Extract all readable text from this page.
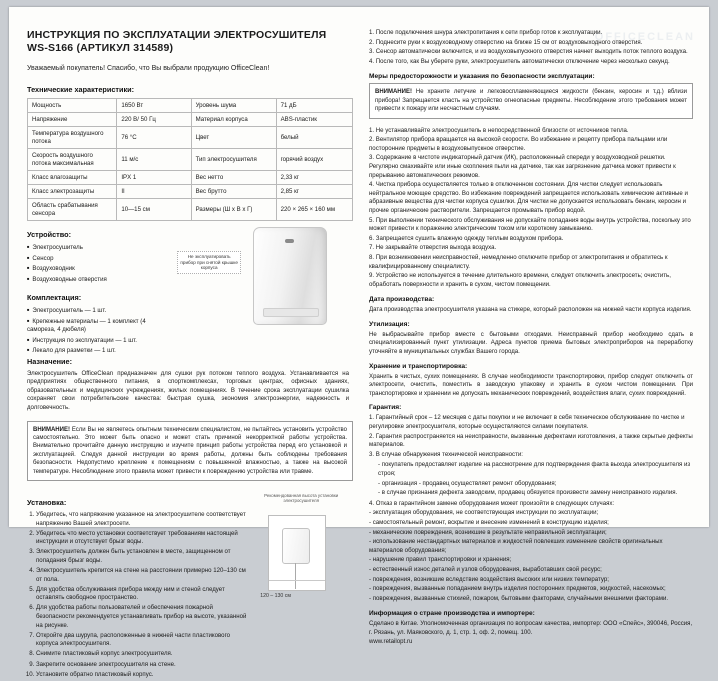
OFFICECLEAN
ИНСТРУКЦИЯ ПО ЭКСПЛУАТАЦИИ ЭЛЕКТРОСУШИТЕЛЯ WS-S166 (АРТИКУЛ 314589)

Уважаемый покупатель! Спасибо, что Вы выбрали продукцию OfficeClean!

Технические характеристики:
Мощность	1650 Вт	Уровень шума	71 дБ
Напряжение	220 В/ 50 Гц	Материал корпуса	ABS-пластик
Температура воздушного потока	76 °C	Цвет	белый
Скорость воздушного потока максимальная	11 м/с	Тип электросушителя	горячий воздух
Класс влагозащиты	IPX 1	Вес нетто	2,33 кг
Класс электрозащиты	II	Вес брутто	2,85 кг
Область срабатывания сенсора	10—15 см	Размеры (Ш х В х Г)	220 × 265 × 160 мм
Устройство:
■ Электросушитель
■ Сенсор
■ Воздуховодник
■ Воздуховодные отверстия
Комплектация:
■ Электросушитель — 1 шт.
■ Крепежные материалы — 1 комплект (4 самореза, 4 дюбеля)
■ Инструкция по эксплуатации — 1 шт.
■ Лекало для разметки — 1 шт.
Не эксплуатировать прибор при снятой крышке корпуса
Назначение:

Электросушитель OfficeClean предназначен для сушки рук потоком теплого воздуха. Устанавливается на предприятиях общественного питания, в спорткомплексах, торговых центрах, офисных зданиях, образовательных и медицинских учреждениях, жилых помещениях. В течение срока эксплуатации сушилка сохраняет свои потребительские качества: быстрая сушка, экономия электроэнергии, надежность и долговечность.

ВНИМАНИЕ! Если Вы не являетесь опытным техническим специалистом, не пытайтесь установить устройство самостоятельно. Это может быть опасно и может стать причиной некорректной работы устройства. Внимательно прочитайте данную инструкцию и изучите принцип работы устройства перед его установкой и эксплуатацией. Следуя данной инструкции во время работы, должны быть соблюдены требования безопасности. Недопустимо крепление к помещениям с повышенной влажностью, а также на высокой температуре. Несоблюдение этого правила может привести к повреждению устройства или травме.
Установка:
1. Убедитесь, что напряжение указанное на электросушителе соответствует напряжению Вашей электросети.
2. Убедитесь что место установки соответствует требованиям настоящей инструкции и отсутствует брызг воды.
3. Электросушитель должен быть установлен в месте, защищенном от попадания брызг воды.
4. Электросушитель крепится на стене на расстоянии примерно 120–130 см от пола.
5. Для удобства обслуживания прибора между ним и стеной следует оставлять свободное пространство.
6. Для удобства работы пользователей и обеспечения пожарной безопасности рекомендуется устанавливать прибор на высоте, указанной на рисунке.
7. Откройте два шурупа, расположенные в нижней части пластикового корпуса электросушителя.
8. Снимите пластиковый корпус электросушителя.
9. Закрепите основание электросушителя на стене.
10. Установите обратно пластиковый корпус.
Рекомендованная высота установки электросушителя
120 – 130 см
1. После подключения шнура электропитания к сети прибор готов к эксплуатации.
2. Поднесите руки к воздуховодному отверстию на ближе 15 см от воздуховыходного отверстия.
3. Сенсор автоматически включится, и из воздуховыпускного отверстия начнет выходить поток теплого воздуха.
4. После того, как Вы уберете руки, электросушитель автоматически отключение через несколько секунд.
Меры предосторожности и указания по безопасности эксплуатации:
ВНИМАНИЕ! Не храните летучие и легковоспламеняющиеся жидкости (бензин, керосин и т.д.) вблизи прибора! Запрещается класть на устройство огнеопасные предметы. Несоблюдение этого требования может привести к пожару или несчастным случаям.
1. Не устанавливайте электросушитель в непосредственной близости от источников тепла.
2. Вентилятор прибора вращается на высокой скорости. Во избежание и рецепту прибора пальцами или посторонние предметы в воздуховыпускное отверстие.
3. Содержание в чистоте индикаторный датчик (ИК), расположенный спереди у воздуховодной решетки. Регулярно смахивайте или иные скопления пыли на датчике, так как загрязнение датчика может привести к прерыванию автоматических режимов.
4. Чистка прибора осуществляется только в отключенном состоянии. Для чистки следует использовать нейтральное моющее средство. Во избежание повреждений запрещается использовать химические активные и абразивные вещества для чистки корпуса сушилки. Для чистки не допускается использовать бензин, керосин и прочие органические растворители. Запрещается промывать прибор водой.
5. При выполнении технического обслуживания не допускайте попадания воды внутрь устройства, поскольку это может привести к поражению электрическим током или короткому замыканию.
6. Запрещается сушить влажную одежду теплым воздухом прибора.
7. Не закрывайте отверстия выхода воздуха.
8. При возникновении неисправностей, немедленно отключите прибор от электропитания и обратитесь к квалифицированному специалисту.
9. Устройство не используется в течение длительного времени, следует отключить электросеть; очистить, обработать поверхности и хранить в сухом, чистом помещении.
Дата производства:

Дата производства электросушителя указана на стикере, который расположен на нижней части корпуса изделия.

Утилизация:

Не выбрасывайте прибор вместе с бытовыми отходами. Неисправный прибор необходимо сдать в специализированный пункт утилизации. Адреса пунктов приема бытовых электроприборов на переработку уточняйте в муниципальных службах Вашего города.

Хранение и транспортировка:

Хранить в чистых, сухих помещениях. В случае необходимости транспортировки, прибор следует отключить от электросети, очистить, поместить в заводскую упаковку и хранить в сухом чистом помещении. При транспортировке и хранении не допускать механических повреждений, воздействия влаги, сухих повреждений.

Гарантия:
1. Гарантийный срок – 12 месяцев с даты покупки и не включает в себя техническое обслуживание по чистке и регулировке электросушителя, которые осуществляются силами покупателя.
2. Гарантия распространяется на неисправности, вызванные дефектами изготовления, а также скрытые дефекты материалов.
3. В случае обнаружения технической неисправности:
- покупатель предоставляет изделие на рассмотрение для подтверждения факта выхода электросушителя из строя;
- организация - продавец осуществляет ремонт оборудования;
- в случае признания дефекта заводским, продавец обязуется произвести замену неисправного изделия.
4. Отказ в гарантийном замене оборудования может произойти в следующих случаях:
- эксплуатация оборудования, не соответствующая инструкции по эксплуатации;
- самостоятельный ремонт, вскрытие и внесение изменений в конструкцию изделия;
- механические повреждения, возникшие в результате неправильной эксплуатации;
- использование нестандартных материалов и жидкостей повлекших изменение свойств оригинальных материалов оборудования;
- нарушение правил транспортировки и хранения;
- естественный износ деталей и узлов оборудования, выработавших свой ресурс;
- повреждения, возникшие вследствие воздействия высоких или низких температур;
- повреждения, вызванные попаданием внутрь изделия посторонних предметов, жидкостей, насекомых;
- повреждения, вызванные стихией, пожаром, бытовыми факторами, случайными внешними факторами.
Информация о стране производства и импортере:
Сделано в Китае. Уполномоченная организация по вопросам качества, импортер: ООО «Спейс», 390046, Россия, г. Рязань, ул. Маяковского, д. 1, стр. 1, оф. 2, помещ. 100.
www.retailopt.ru
